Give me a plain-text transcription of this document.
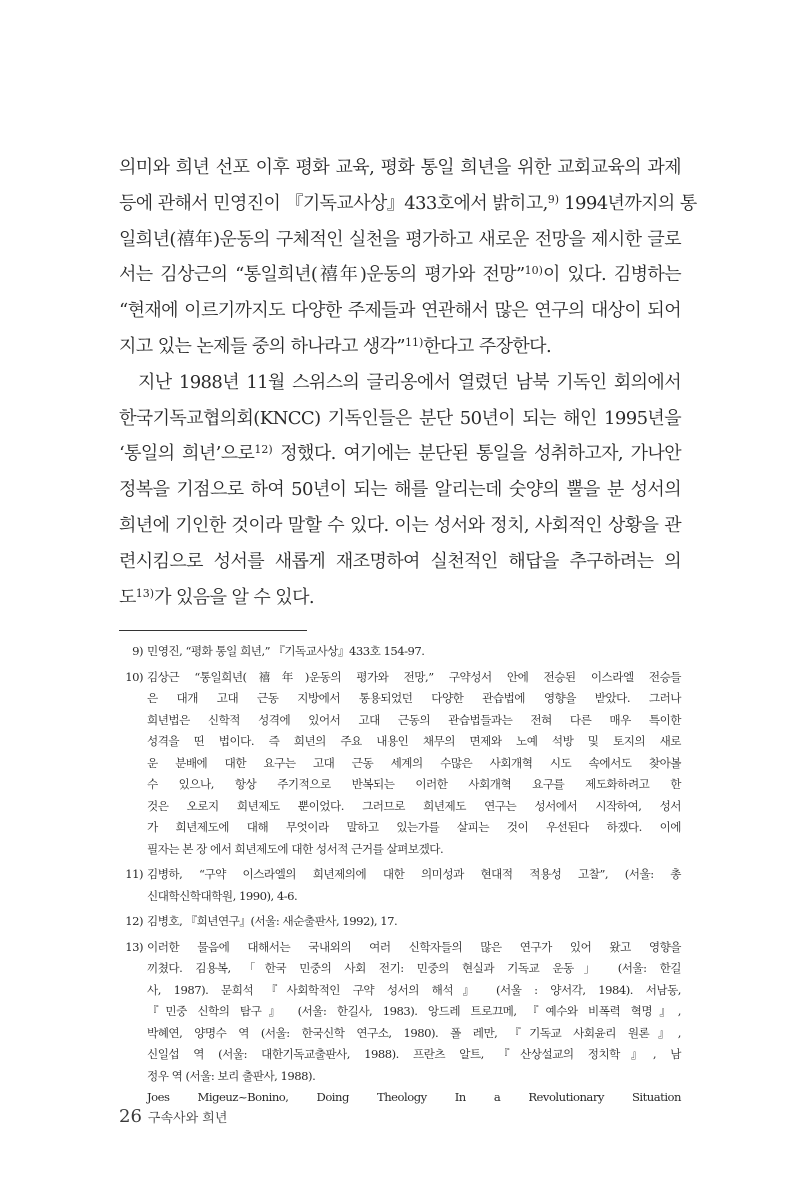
의미와 희년 선포 이후 평화 교육, 평화 통일 희년을 위한 교회교육의 과제
등에 관해서 민영진이 『기독교사상』433호에서 밝히고,$^{9)}$ 1994년까지의 통
일희년(禧年)운동의 구체적인 실천을 평가하고 새로운 전망을 제시한 글로
서는 김상근의 “통일희년(禧年)운동의 평가와 전망”$^{10)}$이 있다. 김병하는
“현재에 이르기까지도 다양한 주제들과 연관해서 많은 연구의 대상이 되어
지고 있는 논제들 중의 하나라고 생각”$^{11)}$한다고 주장한다.
지난 1988년 11월 스위스의 글리옹에서 열렸던 남북 기독인 회의에서
한국기독교협의회(KNCC) 기독인들은 분단 50년이 되는 해인 1995년을
‘통일의 희년’으로$^{12)}$ 정했다. 여기에는 분단된 통일을 성취하고자, 가나안
정복을 기점으로 하여 50년이 되는 해를 알리는데 숫양의 뿔을 분 성서의
희년에 기인한 것이라 말할 수 있다. 이는 성서와 정치, 사회적인 상황을 관
련시킴으로 성서를 새롭게 재조명하여 실천적인 해답을 추구하려는 의
도$^{13)}$가 있음을 알 수 있다.
9) 민영진, “평화 통일 희년,” 『기독교사상』433호 154-97.
10) 김상근 “통일희년(禧年)운동의 평가와 전망,” 구약성서 안에 전승된 이스라엘 전승들
은 대개 고대 근동 지방에서 통용되었던 다양한 관습법에 영향을 받았다. 그러나
희년법은 신학적 성격에 있어서 고대 근동의 관습법들과는 전혀 다른 매우 특이한
성격을 띤 법이다. 즉 희년의 주요 내용인 채무의 면제와 노예 석방 및 토지의 새로
운 분배에 대한 요구는 고대 근동 세계의 수많은 사회개혁 시도 속에서도 찾아볼
수 있으나, 항상 주기적으로 반복되는 이러한 사회개혁 요구를 제도화하려고 한
것은 오로지 희년제도 뿐이었다. 그러므로 희년제도 연구는 성서에서 시작하여, 성서
가 희년제도에 대해 무엇이라 말하고 있는가를 살피는 것이 우선된다 하겠다. 이에
필자는 본 장 에서 희년제도에 대한 성서적 근거를 살펴보겠다.
11) 김병하, “구약 이스라엘의 희년제의에 대한 의미성과 현대적 적용성 고찰”, (서울: 총
신대학신학대학원, 1990), 4-6.
12) 김병호, 『희년연구』(서울: 새순출판사, 1992), 17.
13) 이러한 물음에 대해서는 국내외의 여러 신학자들의 많은 연구가 있어 왔고 영향을
끼쳤다. 김용복, 「한국 민중의 사회 전기: 민중의 현실과 기독교 운동」 (서울: 한길
사, 1987). 문희석 『사회학적인 구약 성서의 해석』 (서울 : 양서각, 1984). 서남동,
『민중 신학의 탐구』 (서울: 한길사, 1983). 앙드레 트로끄메, 『예수와 비폭력 혁명』,
박혜연, 양명수 역 (서울: 한국신학 연구소, 1980). 폴 레만, 『기독교 사회윤리 원론』,
신일섭 역 (서울: 대한기독교출판사, 1988). 프란츠 알트, 『산상설교의 정치학』, 남
정우 역 (서울: 보리 출판사, 1988).
Joes Migeuz~Bonino, Doing Theology In a Revolutionary Situation
26 구속사와 희년
